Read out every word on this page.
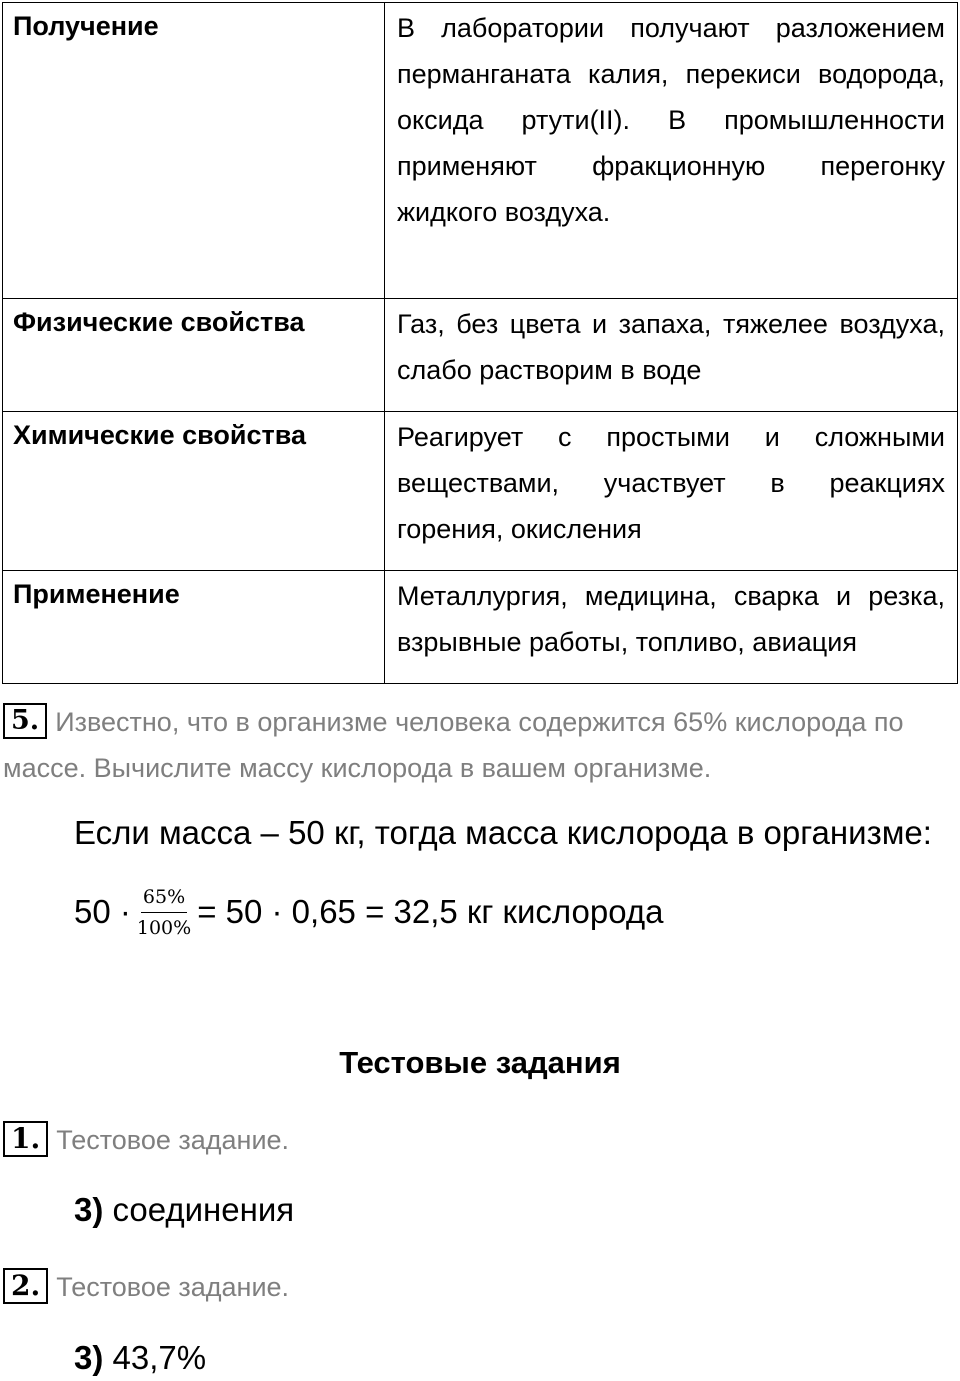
Получение	В лаборатории получают разложением перманганата калия, перекиси водорода, оксида ртути(II). В промышленности применяют фракционную перегонку жидкого воздуха.
Физические свойства	Газ, без цвета и запаха, тяжелее воздуха, слабо растворим в воде
Химические свойства	Реагирует с простыми и сложными веществами, участвует в реакциях горения, окисления
Применение	Металлургия, медицина, сварка и резка, взрывные работы, топливо, авиация
5. Известно, что в организме человека содержится 65% кислорода по массе. Вычислите массу кислорода в вашем организме.
Если масса – 50 кг, тогда масса кислорода в организме:
$50 \cdot \frac{65\%}{100\%} = 50 \cdot 0,65 = 32,5$ кг кислорода
Тестовые задания
1. Тестовое задание.
3) соединения
2. Тестовое задание.
3) 43,7%
